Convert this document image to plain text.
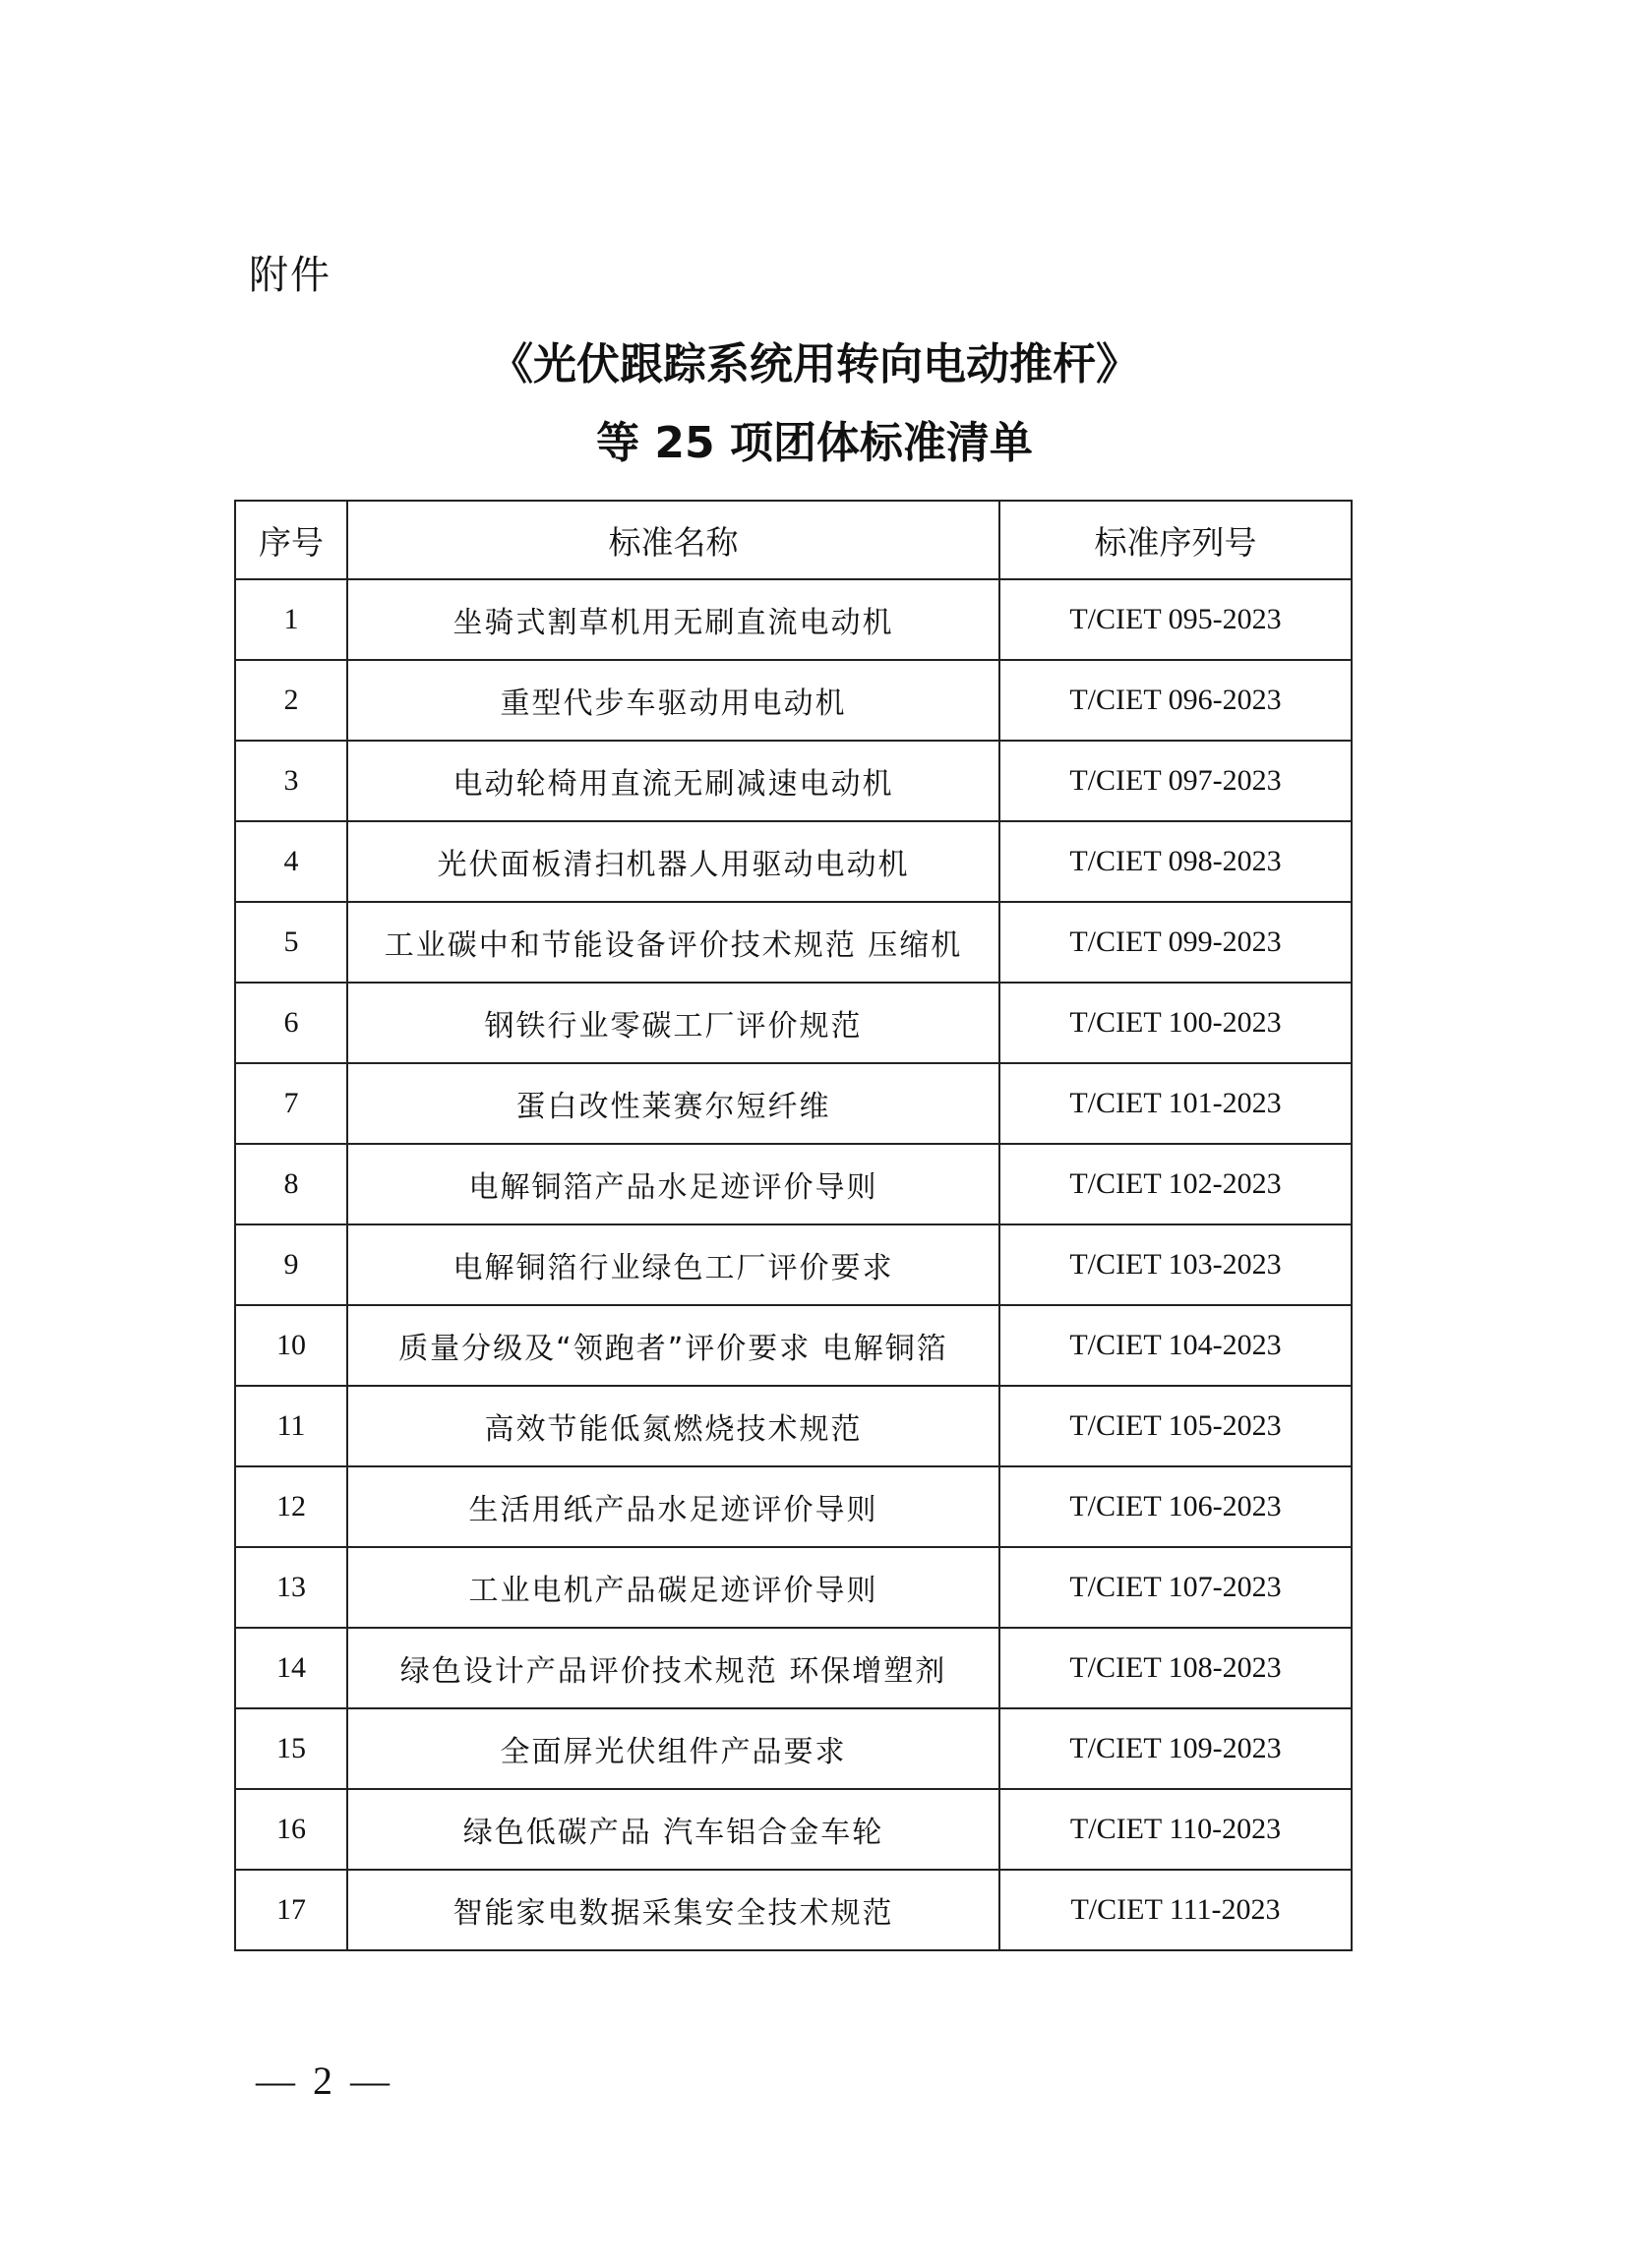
附件
《光伏跟踪系统用转向电动推杆》
等 25 项团体标准清单
序号	标准名称	标准序列号
1	坐骑式割草机用无刷直流电动机	T/CIET 095-2023
2	重型代步车驱动用电动机	T/CIET 096-2023
3	电动轮椅用直流无刷减速电动机	T/CIET 097-2023
4	光伏面板清扫机器人用驱动电动机	T/CIET 098-2023
5	工业碳中和节能设备评价技术规范 压缩机	T/CIET 099-2023
6	钢铁行业零碳工厂评价规范	T/CIET 100-2023
7	蛋白改性莱赛尔短纤维	T/CIET 101-2023
8	电解铜箔产品水足迹评价导则	T/CIET 102-2023
9	电解铜箔行业绿色工厂评价要求	T/CIET 103-2023
10	质量分级及“领跑者”评价要求 电解铜箔	T/CIET 104-2023
11	高效节能低氮燃烧技术规范	T/CIET 105-2023
12	生活用纸产品水足迹评价导则	T/CIET 106-2023
13	工业电机产品碳足迹评价导则	T/CIET 107-2023
14	绿色设计产品评价技术规范 环保增塑剂	T/CIET 108-2023
15	全面屏光伏组件产品要求	T/CIET 109-2023
16	绿色低碳产品 汽车铝合金车轮	T/CIET 110-2023
17	智能家电数据采集安全技术规范	T/CIET 111-2023
— 2 —
